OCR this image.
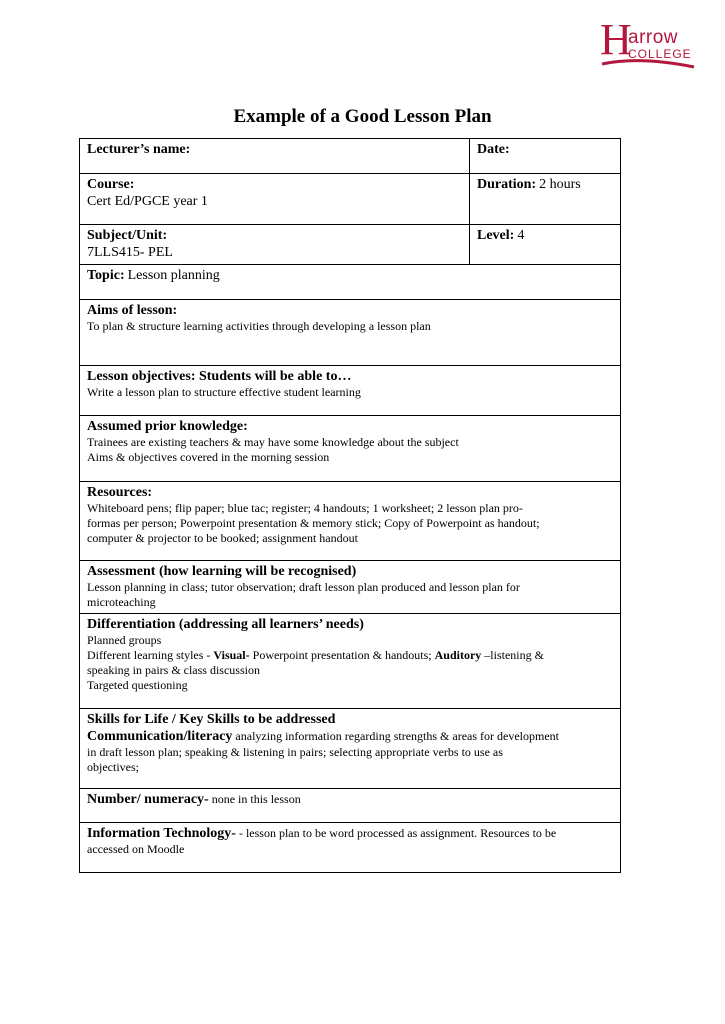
H
arrow
COLLEGE
Example of a Good Lesson Plan
Lecturer’s name:	Date:

Course:
Cert Ed/PGCE year 1	Duration: 2 hours

Subject/Unit:
7LLS415- PEL	Level: 4
Topic: Lesson planning	

Aims of lesson:
To plan & structure learning activities through developing a lesson plan	

Lesson objectives: Students will be able to…
Write a lesson plan to structure effective student learning	

Assumed prior knowledge:
Trainees are existing teachers & may have some knowledge about the subject
Aims & objectives covered in the morning session	

Resources:
Whiteboard pens; flip paper; blue tac; register; 4 handouts; 1 worksheet; 2 lesson plan pro-
formas per person; Powerpoint presentation & memory stick; Copy of Powerpoint as handout;
computer & projector to be booked; assignment handout	

Assessment (how learning will be recognised)
Lesson planning in class; tutor observation; draft lesson plan produced and lesson plan for
microteaching	

Differentiation (addressing all learners’ needs)
Planned groups
Different learning styles - Visual- Powerpoint presentation & handouts; Auditory –listening &
speaking in pairs & class discussion
Targeted questioning	

Skills for Life / Key Skills to be addressed
Communication/literacy analyzing information regarding strengths & areas for development
in draft lesson plan; speaking & listening in pairs; selecting appropriate verbs to use as
objectives;	

Number/ numeracy- none in this lesson	

Information Technology- - lesson plan to be word processed as assignment. Resources to be
accessed on Moodle	
